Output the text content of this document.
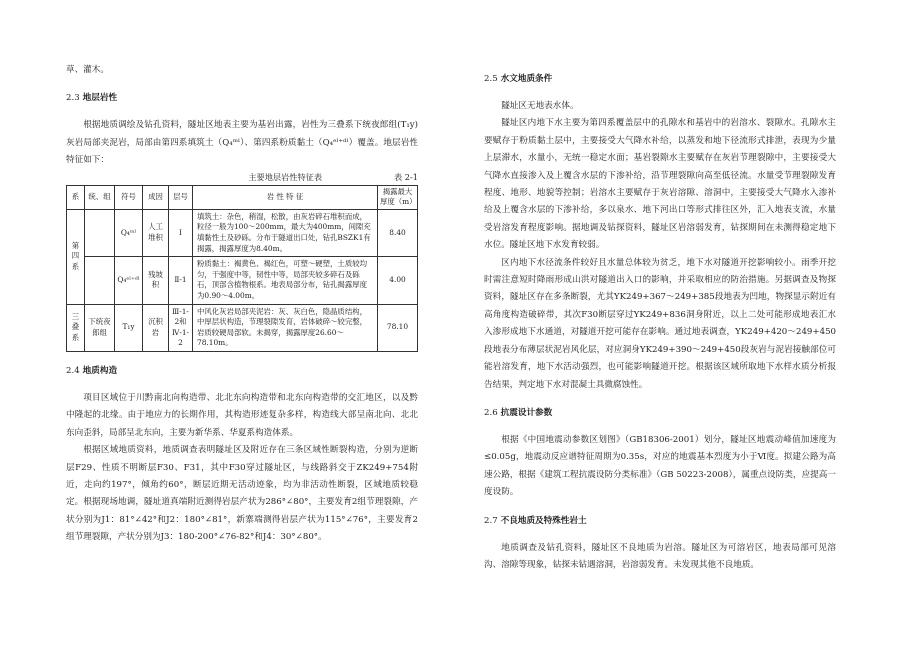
草、灌木。

2.3 地层岩性

根据地质调绘及钻孔资料，隧址区地表主要为基岩出露，岩性为三叠系下统夜郎组(T₁y)灰岩局部夹泥岩，局部由第四系填筑土（Q₄ᵐˡ）、第四系粉质黏土（Q₄ᵉˡ⁺ᵈˡ）覆盖。地层岩性特征如下：

主要地层岩性特征表	表 2-1
系	统、组	符号	成因	层号	岩 性 特 征	揭露最大厚度（m）
第四系		Q₄ᵐˡ	人工堆积	Ⅰ	填筑土：杂色，稍湿，松散，由灰岩碎石堆积而成，粒径一般为100～200mm，最大为400mm，间隙充填黏性土及砂砾。分布于隧道出口处，钻孔BSZK1有揭露，揭露厚度为8.40m。	8.40
		Q₄ᵉˡ⁺ᵈˡ	残坡积	Ⅱ-1	粉质黏土：褐黄色、褐红色，可塑～硬塑，土质较均匀，干强度中等，韧性中等，局部夹较多碎石及砾石，顶部含植物根系。地表局部分布，钻孔揭露厚度为0.90～4.00m。	4.00
三叠系	下统夜郎组	T₁y	沉积岩	Ⅲ-1-2和Ⅳ-1-2	中风化灰岩局部夹泥岩：灰、灰白色，隐晶质结构，中厚层状构造，节理裂隙发育，岩体破碎～较完整，岩质较硬局部软。未揭穿，揭露厚度26.60～78.10m。	78.10
2.4 地质构造

项目区域位于川黔南北向构造带、北北东向构造带和北东向构造带的交汇地区，以及黔中隆起的北缘。由于地应力的长期作用，其构造形迹复杂多样，构造线大部呈南北向、北北东向歪斜，局部呈北东向，主要为新华系、华夏系构造体系。

根据区域地质资料，地质调查表明隧址区及附近存在三条区域性断裂构造，分别为逆断层F29、性质不明断层F30、F31，其中F30穿过隧址区，与线路斜交于ZK249+754附近，走向约197°，倾角约60°，断层近期无活动迹象，均为非活动性断裂，区域地质较稳定。根据现场地调，隧址道真端附近测得岩层产状为286°∠80°，主要发育2组节理裂隙，产状分别为J1：81°∠42°和J2：180°∠81°，新寨端测得岩层产状为115°∠76°，主要发育2组节理裂隙，产状分别为J3：180-200°∠76-82°和J4：30°∠80°。

2.5 水文地质条件

隧址区无地表水体。

隧址区内地下水主要为第四系覆盖层中的孔隙水和基岩中的岩溶水、裂隙水。孔隙水主要赋存于粉质黏土层中，主要接受大气降水补给，以蒸发和地下径流形式排泄，表现为少量上层滞水，水量小，无统一稳定水面；基岩裂隙水主要赋存在灰岩节理裂隙中，主要接受大气降水直接渗入及上覆含水层的下渗补给，沿节理裂隙向高至低径流。水量受节理裂隙发育程度、地形、地貌等控制；岩溶水主要赋存于灰岩溶隙、溶洞中，主要接受大气降水入渗补给及上覆含水层的下渗补给，多以泉水、地下河出口等形式排往区外，汇入地表支流，水量受岩溶发育程度影响。据地调及钻探资料，隧址区岩溶弱发育，钻探期间在未测得稳定地下水位。隧址区地下水发育较弱。

区内地下水径流条件较好且水量总体较为贫乏，地下水对隧道开挖影响较小。雨季开挖时需注意短时降雨形成山洪对隧道出入口的影响，并采取相应的防治措施。另据调查及物探资料，隧址区存在多条断裂，尤其YK249+367～249+385段地表为凹地，物探显示附近有高角度构造破碎带，其次F30断层穿过YK249+836洞身附近，以上二处可能形成地表汇水入渗形成地下水通道，对隧道开挖可能存在影响。通过地表调查，YK249+420～249+450段地表分布薄层状泥岩风化层，对应洞身YK249+390～249+450段灰岩与泥岩接触部位可能岩溶发育，地下水活动强烈，也可能影响隧道开挖。根据该区域所取地下水样水质分析报告结果，判定地下水对混凝土具微腐蚀性。

2.6 抗震设计参数

根据《中国地震动参数区划图》（GB18306-2001）划分，隧址区地震动峰值加速度为≤0.05g，地震动反应谱特征周期为0.35s，对应的地震基本烈度为小于Ⅵ度。拟建公路为高速公路，根据《建筑工程抗震设防分类标准》（GB 50223-2008），属重点设防类，应提高一度设防。

2.7 不良地质及特殊性岩土

地质调查及钻孔资料，隧址区不良地质为岩溶。隧址区为可溶岩区，地表局部可见溶沟、溶隙等现象，钻探未钻遇溶洞，岩溶弱发育。未发现其他不良地质。
